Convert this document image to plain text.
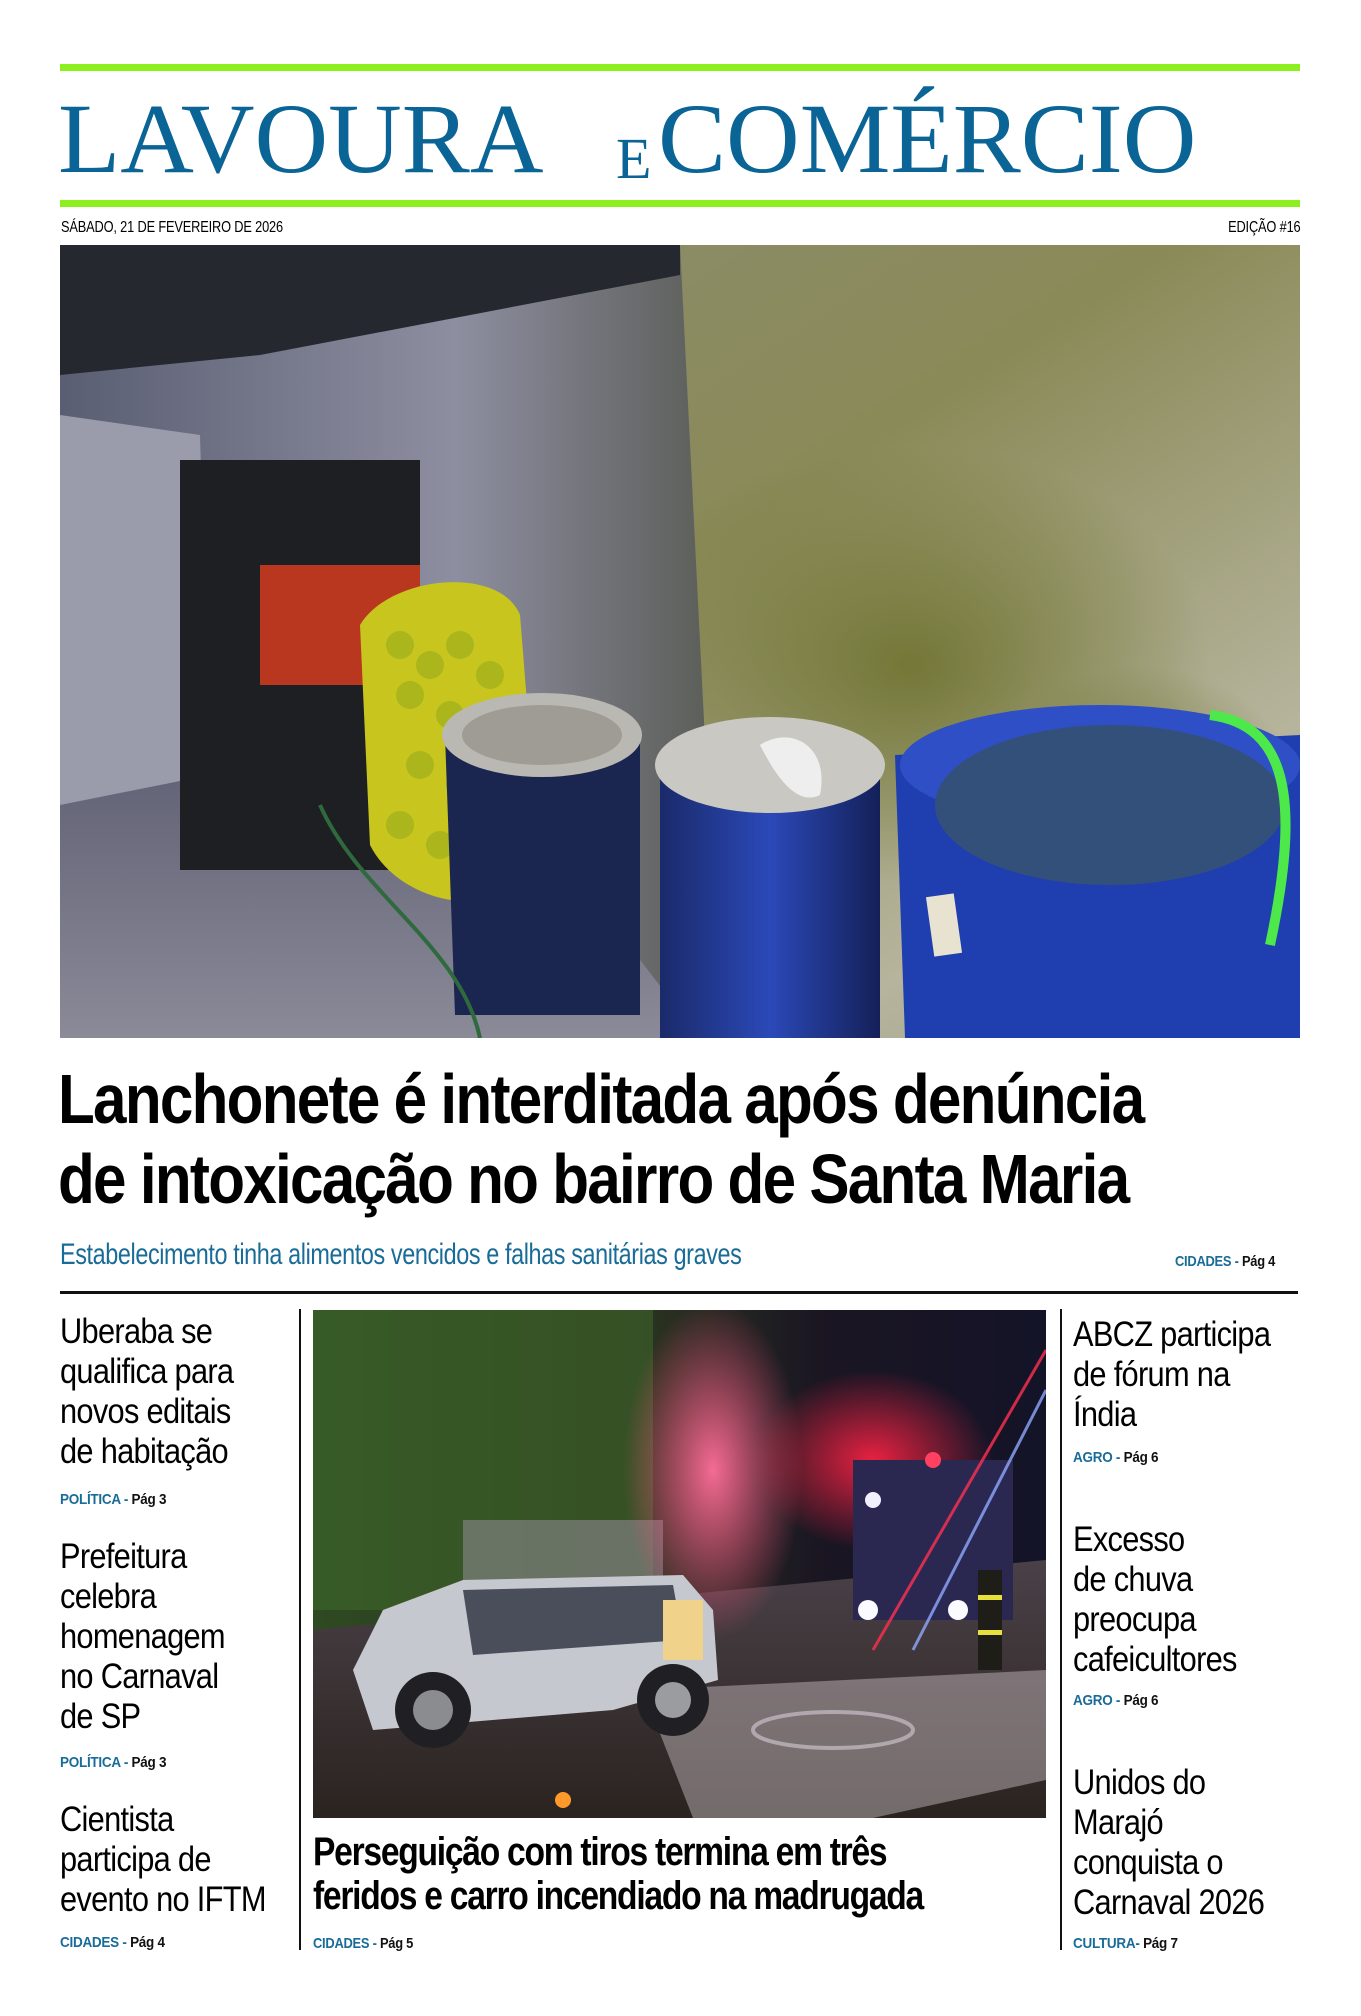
LAVOURA E COMÉRCIO
SÁBADO, 21 DE FEVEREIRO DE 2026	EDIÇÃO #16
Lanchonete é interditada após denúncia
de intoxicação no bairro de Santa Maria
Estabelecimento tinha alimentos vencidos e falhas sanitárias graves	CIDADES - Pág 4
Uberaba se
qualifica para
novos editais
de habitação
POLÍTICA - Pág 3
Prefeitura
celebra
homenagem
no Carnaval
de SP
POLÍTICA - Pág 3
Cientista
participa de
evento no IFTM
CIDADES - Pág 4
Perseguição com tiros termina em três
feridos e carro incendiado na madrugada
CIDADES - Pág 5
ABCZ participa
de fórum na
Índia
AGRO - Pág 6
Excesso
de chuva
preocupa
cafeicultores
AGRO - Pág 6
Unidos do
Marajó
conquista o
Carnaval 2026
CULTURA- Pág 7
